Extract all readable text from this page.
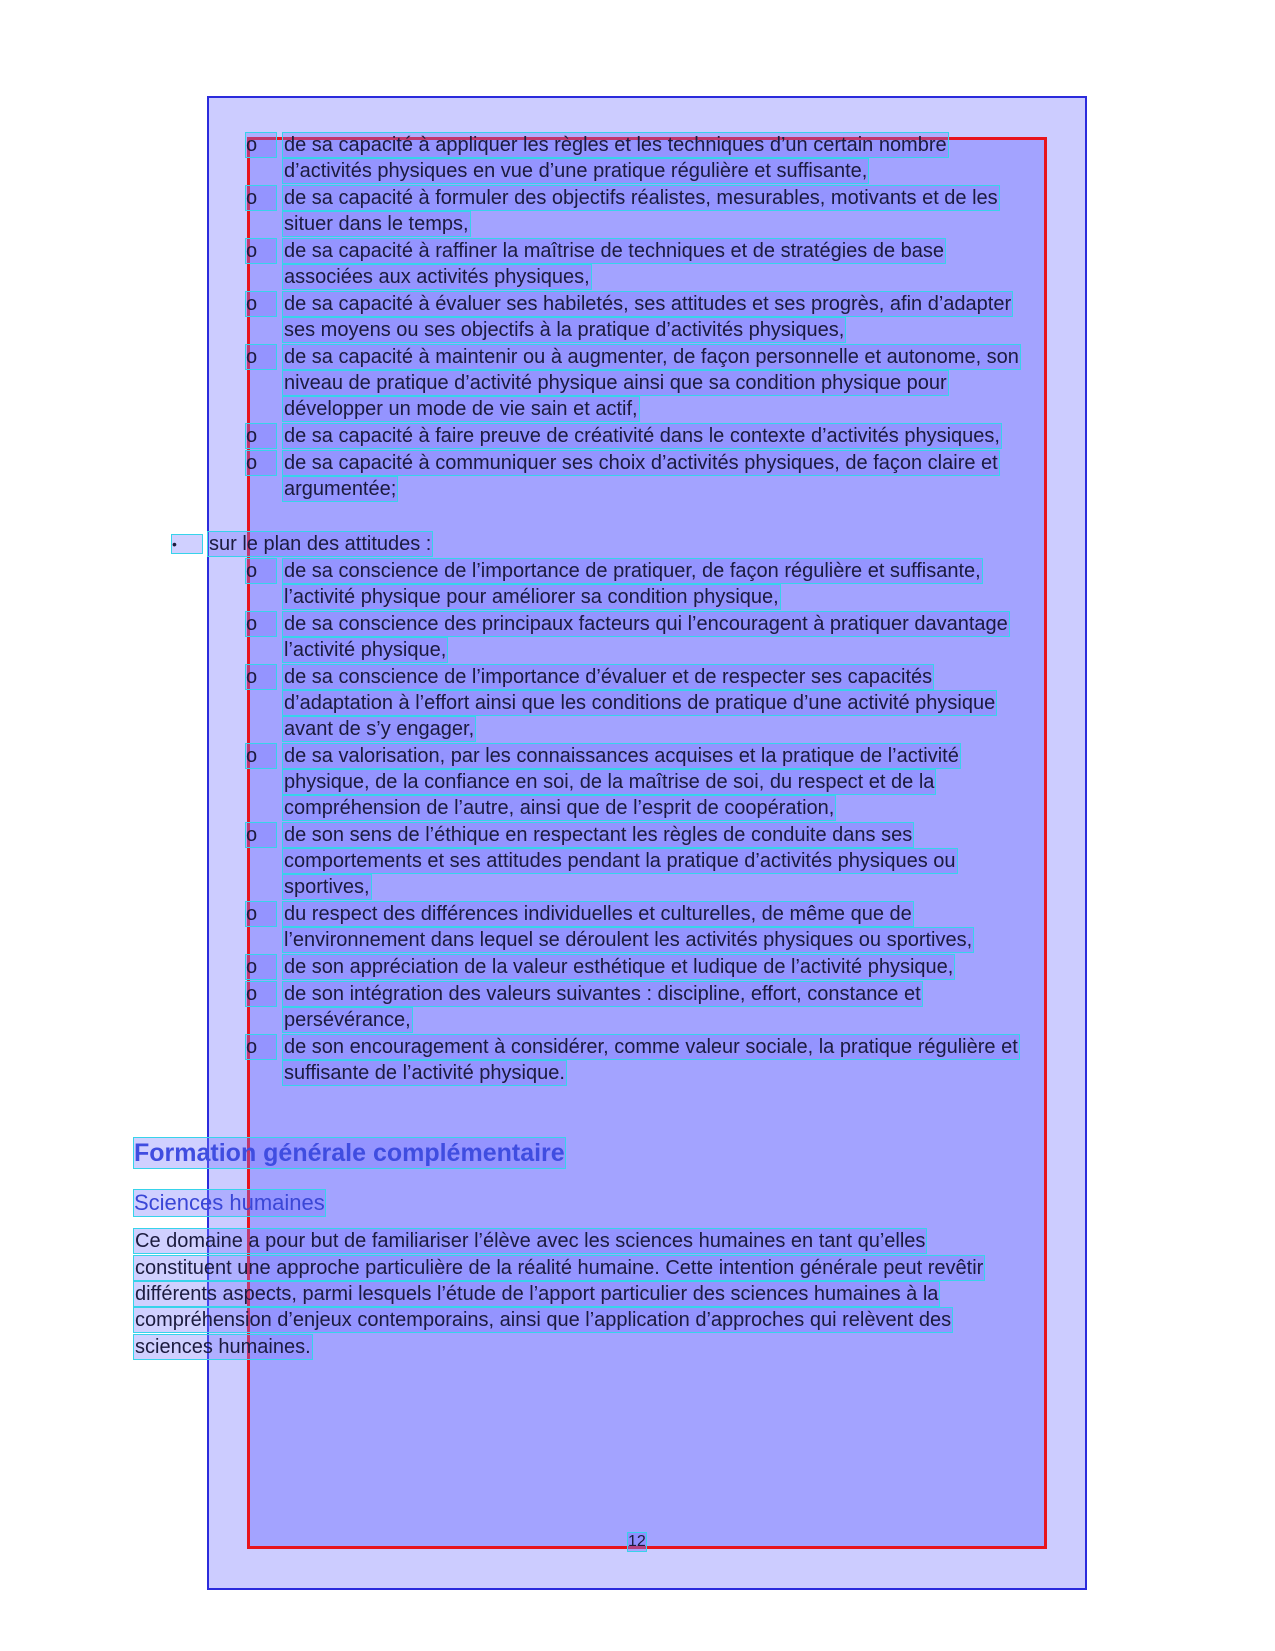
o	de sa capacité à appliquer les règles et les techniques d’un certain nombre
d’activités physiques en vue d’une pratique régulière et suffisante,
o	de sa capacité à formuler des objectifs réalistes, mesurables, motivants et de les
situer dans le temps,
o	de sa capacité à raffiner la maîtrise de techniques et de stratégies de base
associées aux activités physiques,
o	de sa capacité à évaluer ses habiletés, ses attitudes et ses progrès, afin d’adapter
ses moyens ou ses objectifs à la pratique d’activités physiques,
o	de sa capacité à maintenir ou à augmenter, de façon personnelle et autonome, son
niveau de pratique d’activité physique ainsi que sa condition physique pour
développer un mode de vie sain et actif,
o	de sa capacité à faire preuve de créativité dans le contexte d’activités physiques,
o	de sa capacité à communiquer ses choix d’activités physiques, de façon claire et
argumentée;
•	sur le plan des attitudes :
o	de sa conscience de l’importance de pratiquer, de façon régulière et suffisante,
l’activité physique pour améliorer sa condition physique,
o	de sa conscience des principaux facteurs qui l’encouragent à pratiquer davantage
l’activité physique,
o	de sa conscience de l’importance d’évaluer et de respecter ses capacités
d’adaptation à l’effort ainsi que les conditions de pratique d’une activité physique
avant de s’y engager,
o	de sa valorisation, par les connaissances acquises et la pratique de l’activité
physique, de la confiance en soi, de la maîtrise de soi, du respect et de la
compréhension de l’autre, ainsi que de l’esprit de coopération,
o	de son sens de l’éthique en respectant les règles de conduite dans ses
comportements et ses attitudes pendant la pratique d’activités physiques ou
sportives,
o	du respect des différences individuelles et culturelles, de même que de
l’environnement dans lequel se déroulent les activités physiques ou sportives,
o	de son appréciation de la valeur esthétique et ludique de l’activité physique,
o	de son intégration des valeurs suivantes : discipline, effort, constance et
persévérance,
o	de son encouragement à considérer, comme valeur sociale, la pratique régulière et
suffisante de l’activité physique.
Formation générale complémentaire
Sciences humaines
Ce domaine a pour but de familiariser l’élève avec les sciences humaines en tant qu’elles
constituent une approche particulière de la réalité humaine. Cette intention générale peut revêtir
différents aspects, parmi lesquels l’étude de l’apport particulier des sciences humaines à la
compréhension d’enjeux contemporains, ainsi que l’application d’approches qui relèvent des
sciences humaines.
12
